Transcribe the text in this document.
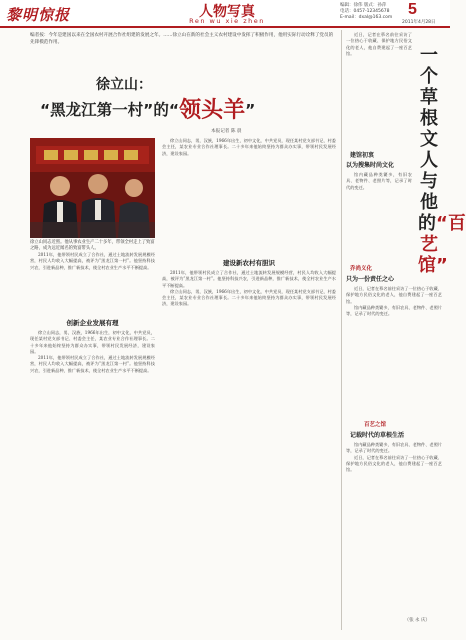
黎明惊报	人物写真
Ren wu xie zhen
编辑：徐伟 版式：孙萍
电话：0457-12345678
E-mail：dxal@163.com 5
2011年4月28日
编者按：今年是建国以来在全国农村开展合作社组建的发展之年。……徐立山在新的社会主义农村建设中发挥了积极作用，他用实际行动诠释了党员的先锋模范作用。
徐立山：
“黑龙江第一村”的“领头羊”
本报记者 陈 晨
徐立山同志近照。他从事农业生产二十多年，带领全村走上了致富之路，成为远近闻名的致富带头人。

徐立山同志，男，汉族，1966年出生，初中文化，中共党员，现任某村党支部书记、村委会主任，某农业专业合作社理事长。二十多年来他始终坚持为群众办实事，带领村民发展经济，建设家园。

创新企业发展有理
建设新农村有胆识

2011年，他带领村民成立了合作社，通过土地流转发展规模经营，村民人均收入大幅提高，被评为“黑龙江第一村”。他坚持科技兴农，引进新品种，推广新技术，使全村农业生产水平不断提高。

徐立山同志，男，汉族，1966年出生，初中文化，中共党员，现任某村党支部书记、村委会主任，某农业专业合作社理事长。二十多年来他始终坚持为群众办实事，带领村民发展经济，建设家园。

2011年，他带领村民成立了合作社，通过土地流转发展规模经营，村民人均收入大幅提高，被评为“黑龙江第一村”。他坚持科技兴农，引进新品种，推广新技术，使全村农业生产水平不断提高。

2011年，他带领村民成立了合作社，通过土地流转发展规模经营，村民人均收入大幅提高，被评为“黑龙江第一村”。他坚持科技兴农，引进新品种，推广新技术，使全村农业生产水平不断提高。

徐立山同志，男，汉族，1966年出生，初中文化，中共党员，现任某村党支部书记、村委会主任，某农业专业合作社理事长。二十多年来他始终坚持为群众办实事，带领村民发展经济，建设家园。

近日，记者在慕名前往采访了一位热心于收藏、保护地方民俗文化的老人，他自费建起了一座百艺馆。	一个草根文人与他的“百艺馆”
建馆初衷
以为搜集时尚文化

馆内藏品种类繁多，有旧农具、老物件、老照片等，记录了时代的变迁。

乔尚义化
只为一份责任之心

近日，记者在慕名前往采访了一位热心于收藏、保护地方民俗文化的老人，他自费建起了一座百艺馆。

馆内藏品种类繁多，有旧农具、老物件、老照片等，记录了时代的变迁。

百艺之馆
记载时代的草根生活

馆内藏品种类繁多，有旧农具、老物件、老照片等，记录了时代的变迁。

近日，记者在慕名前往采访了一位热心于收藏、保护地方民俗文化的老人，他自费建起了一座百艺馆。

（张 永 庆）
